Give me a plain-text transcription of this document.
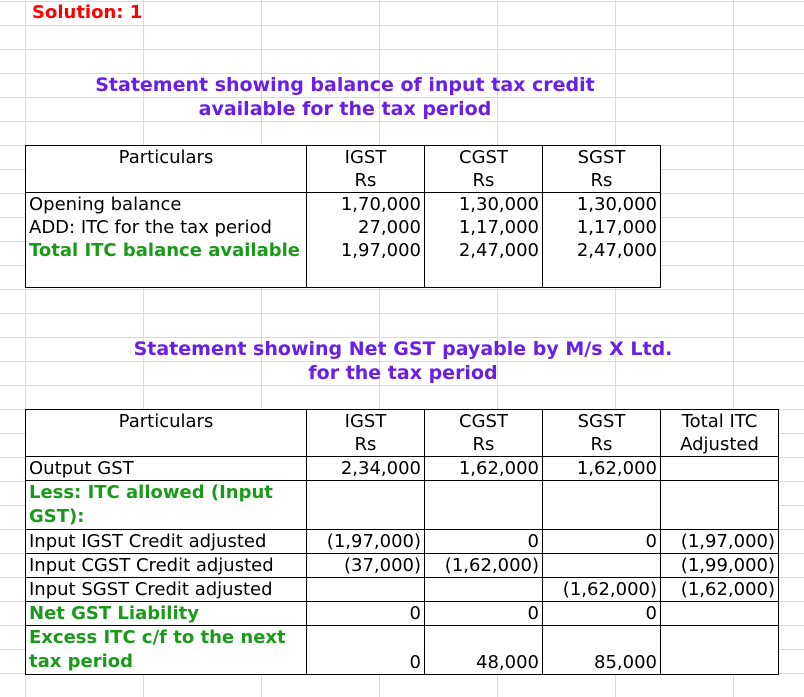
Solution: 1
Statement showing balance of input tax credit
available for the tax period
Particulars	IGST	CGST	SGST
	Rs	Rs	Rs
Opening balance	1,70,000	1,30,000	1,30,000
ADD: ITC for the tax period	27,000	1,17,000	1,17,000
Total ITC balance available	1,97,000	2,47,000	2,47,000
Statement showing Net GST payable by M/s X Ltd.
for the tax period
Particulars	IGST	CGST	SGST	Total ITC
	Rs	Rs	Rs	Adjusted
Output GST	2,34,000	1,62,000	1,62,000	
Less: ITC allowed (Input GST):				
Input IGST Credit adjusted	(1,97,000)	0	0	(1,97,000)
Input CGST Credit adjusted	(37,000)	(1,62,000)		(1,99,000)
Input SGST Credit adjusted			(1,62,000)	(1,62,000)
Net GST Liability	0	0	0	
Excess ITC c/f to the next tax period	0	48,000	85,000	
